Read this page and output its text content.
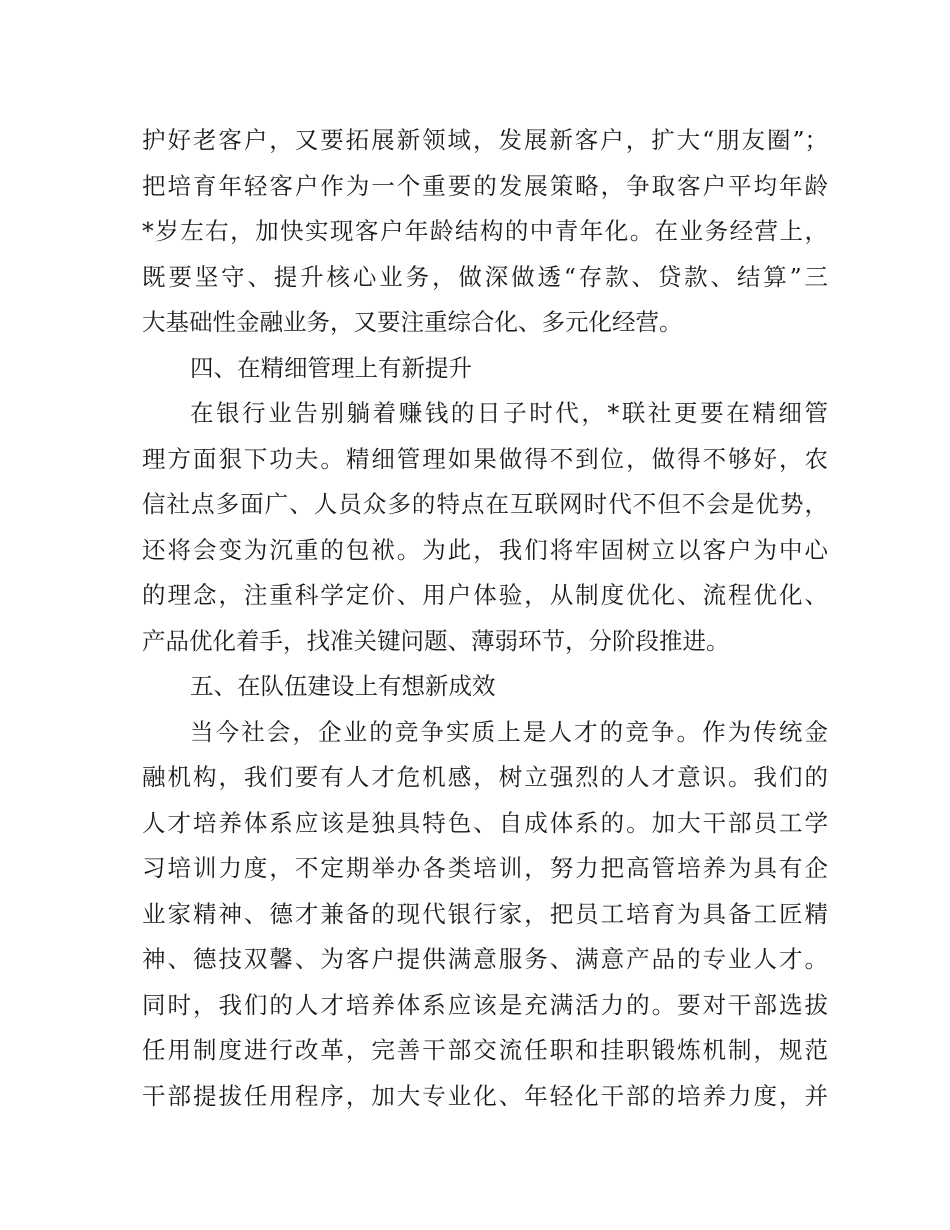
护好老客户，又要拓展新领域，发展新客户，扩大“朋友圈”；
把培育年轻客户作为一个重要的发展策略，争取客户平均年龄
*岁左右，加快实现客户年龄结构的中青年化。在业务经营上，
既要坚守、提升核心业务，做深做透“存款、贷款、结算”三
大基础性金融业务，又要注重综合化、多元化经营。

四、在精细管理上有新提升

在银行业告别躺着赚钱的日子时代，*联社更要在精细管
理方面狠下功夫。精细管理如果做得不到位，做得不够好，农
信社点多面广、人员众多的特点在互联网时代不但不会是优势，
还将会变为沉重的包袱。为此，我们将牢固树立以客户为中心
的理念，注重科学定价、用户体验，从制度优化、流程优化、
产品优化着手，找准关键问题、薄弱环节，分阶段推进。

五、在队伍建设上有想新成效

当今社会，企业的竞争实质上是人才的竞争。作为传统金
融机构，我们要有人才危机感，树立强烈的人才意识。我们的
人才培养体系应该是独具特色、自成体系的。加大干部员工学
习培训力度，不定期举办各类培训，努力把高管培养为具有企
业家精神、德才兼备的现代银行家，把员工培育为具备工匠精
神、德技双馨、为客户提供满意服务、满意产品的专业人才。
同时，我们的人才培养体系应该是充满活力的。要对干部选拔
任用制度进行改革，完善干部交流任职和挂职锻炼机制，规范
干部提拔任用程序，加大专业化、年轻化干部的培养力度，并
